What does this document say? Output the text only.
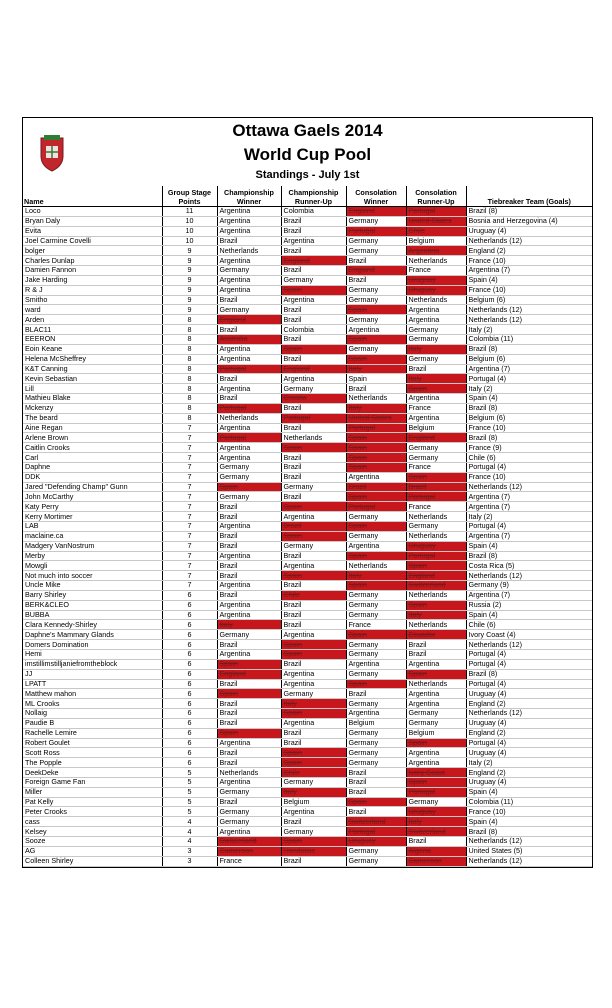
Ottawa Gaels 2014
World Cup Pool
Standings - July 1st
Name	Group Stage Points	Championship Winner	Championship Runner-Up	Consolation Winner	Consolation Runner-Up	Tiebreaker Team (Goals)
Loco	11	Argentina	Colombia	England	Portugal	Brazil (8)
Bryan Daly	10	Argentina	Brazil	Germany	United States	Bosnia and Herzegovina (4)
Evita	10	Argentina	Brazil	Portugal	Chile	Uruguay (4)
Joel Carmine Covelli	10	Brazil	Argentina	Germany	Belgium	Netherlands (12)
bolger	9	Netherlands	Brazil	Germany	Argentina	England (2)
Charles Dunlap	9	Argentina	England	Brazil	Netherlands	France (10)
Damien Fannon	9	Germany	Brazil	England	France	Argentina (7)
Jake Harding	9	Argentina	Germany	Brazil	Uruguay	Spain (4)
R & J	9	Argentina	Spain	Germany	Uruguay	France (10)
Smitho	9	Brazil	Argentina	Germany	Netherlands	Belgium (6)
ward	9	Germany	Brazil	Spain	Argentina	Netherlands (12)
Arden	8	England	Brazil	Germany	Argentina	Netherlands (12)
BLAC11	8	Brazil	Colombia	Argentina	Germany	Italy (2)
EEERON	8	Australia	Brazil	Spain	Germany	Colombia (11)
Eoin Keane	8	Argentina	Spain	Germany	Italy	Brazil (8)
Helena McSheffrey	8	Argentina	Brazil	Spain	Germany	Belgium (6)
K&T Canning	8	Portugal	England	Italy	Brazil	Argentina (7)
Kevin Sebastian	8	Brazil	Argentina	Spain	Italy	Portugal (4)
Lill	8	Argentina	Germany	Brazil	Spain	Italy (2)
Mathieu Blake	8	Brazil	Croatia	Netherlands	Argentina	Spain (4)
Mckenzy	8	Portugal	Brazil	Italy	France	Brazil (8)
The beard	8	Netherlands	Portugal	United States	Argentina	Belgium (6)
Aine Regan	7	Argentina	Brazil	Portugal	Belgium	France (10)
Arlene Brown	7	Portugal	Netherlands	Spain	England	Brazil (8)
Caitlin Crooks	7	Argentina	Spain	Spain	Germany	France (9)
Carl	7	Argentina	Brazil	Spain	Germany	Chile (6)
Daphne	7	Germany	Brazil	Spain	France	Portugal (4)
DDK	7	Germany	Brazil	Argentina	Spain	France (10)
Jared "Defending Champ" Gunn	7	Spain	Germany	Brazil	Brazil	Netherlands (12)
John McCarthy	7	Germany	Brazil	Spain	Portugal	Argentina (7)
Katy Perry	7	Brazil	Spain	Portugal	France	Argentina (7)
Kerry Mortimer	7	Brazil	Argentina	Germany	Netherlands	Italy (2)
LAB	7	Argentina	Brazil	Spain	Germany	Portugal (4)
maclaine.ca	7	Brazil	Spain	Germany	Netherlands	Argentina (7)
Madgery VanNostrum	7	Brazil	Germany	Argentina	Uruguay	Spain (4)
Merby	7	Argentina	Brazil	Spain	Portugal	Brazil (8)
Mowgli	7	Brazil	Argentina	Netherlands	Spain	Costa Rica (5)
Not much into soccer	7	Brazil	Spain	Italy	England	Netherlands (12)
Uncle Mike	7	Argentina	Brazil	Spain	Switzerland	Germany (9)
Barry Shirley	6	Brazil	Chile	Germany	Netherlands	Argentina (7)
BERK&CLEO	6	Argentina	Brazil	Germany	Spain	Russia (2)
BUBBA	6	Argentina	Brazil	Germany	Italy	Spain (4)
Clara Kennedy-Shirley	6	Italy	Brazil	France	Netherlands	Chile (6)
Daphne's Mammary Glands	6	Germany	Argentina	Spain	Ecuador	Ivory Coast (4)
Domers Domination	6	Brazil	Spain	Germany	Brazil	Netherlands (12)
Hemi	6	Argentina	Spain	Germany	Brazil	Portugal (4)
imstillimstilljaniefromtheblock	6	Spain	Brazil	Argentina	Argentina	Portugal (4)
JJ	6	England	Argentina	Germany	Spain	Brazil (8)
LPATT	6	Brazil	Argentina	Spain	Netherlands	Portugal (4)
Matthew mahon	6	Spain	Germany	Brazil	Argentina	Uruguay (4)
ML Crooks	6	Brazil	Italy	Germany	Argentina	England (2)
Nollaig	6	Brazil	Spain	Argentina	Germany	Netherlands (12)
Paudie B	6	Brazil	Argentina	Belgium	Germany	Uruguay (4)
Rachelle Lemire	6	Spain	Brazil	Germany	Belgium	England (2)
Robert Goulet	6	Argentina	Brazil	Germany	Spain	Portugal (4)
Scott Ross	6	Brazil	Spain	Germany	Argentina	Uruguay (4)
The Popple	6	Brazil	Spain	Germany	Argentina	Italy (2)
DeekDeke	5	Netherlands	Chile	Brazil	Ivory Coast	England (2)
Foreign Game Fan	5	Argentina	Germany	Brazil	Spain	Uruguay (4)
Miller	5	Germany	Italy	Brazil	Portugal	Spain (4)
Pat Kelly	5	Brazil	Belgium	Spain	Germany	Colombia (11)
Peter Crooks	5	Germany	Argentina	Brazil	Uruguay	France (10)
cass	4	Germany	Brazil	Switzerland	Italy	Spain (4)
Kelsey	4	Argentina	Germany	Portugal	Switzerland	Brazil (8)
Sooze	4	Switzerland	Spain	Uruguay	Brazil	Netherlands (12)
AG	3	Cameroon	Honduras	Germany	Algeria	United States (5)
Colleen Shirley	3	France	Brazil	Germany	Cameroon	Netherlands (12)
